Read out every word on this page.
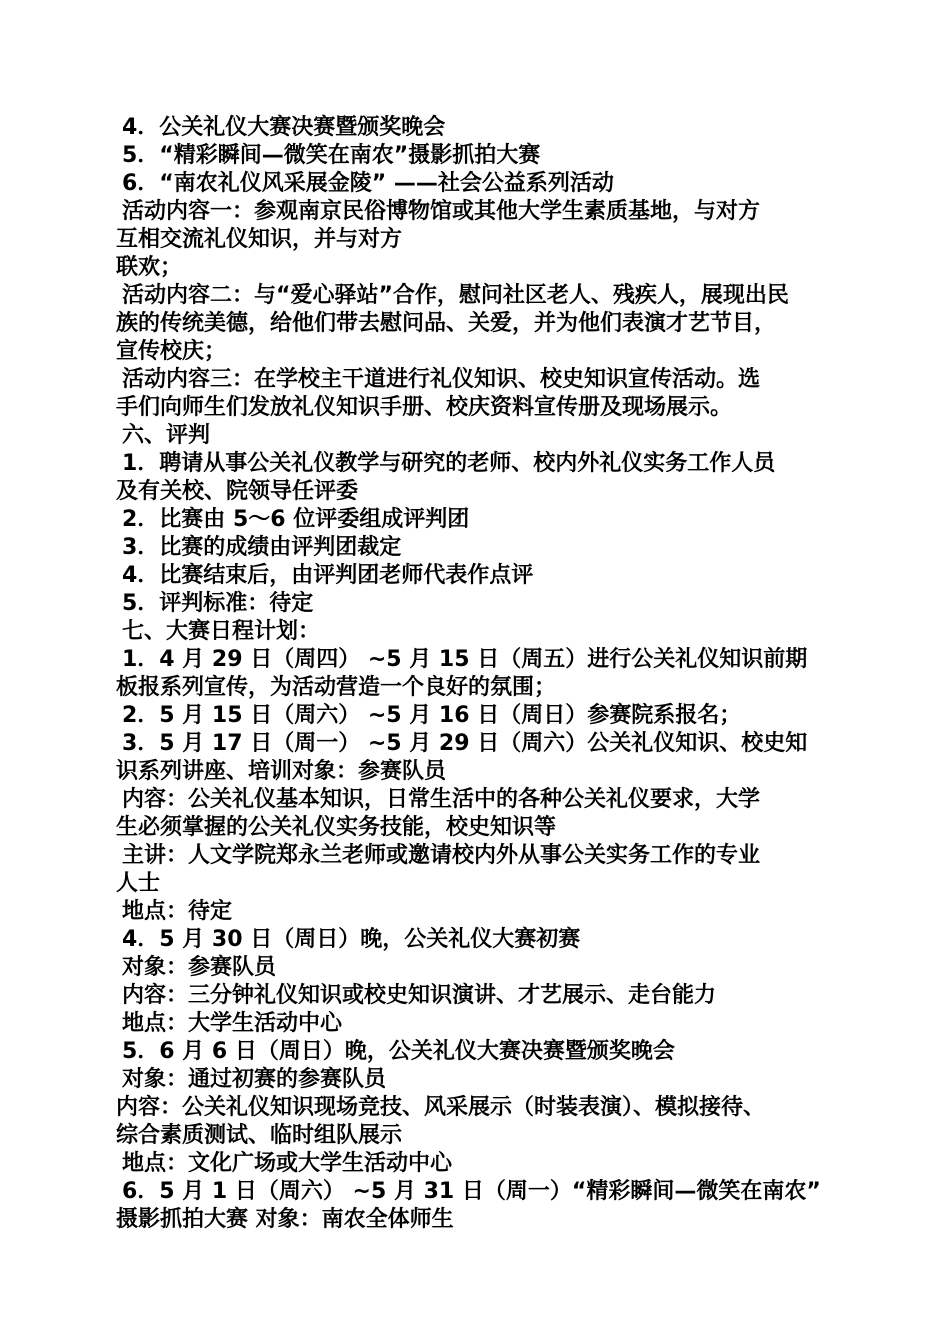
4．公关礼仪大赛决赛暨颁奖晚会
5．“精彩瞬间—微笑在南农”摄影抓拍大赛
6．“南农礼仪风采展金陵” ——社会公益系列活动
活动内容一：参观南京民俗博物馆或其他大学生素质基地，与对方
互相交流礼仪知识，并与对方
联欢；
活动内容二：与“爱心驿站”合作，慰问社区老人、残疾人，展现出民
族的传统美德，给他们带去慰问品、关爱，并为他们表演才艺节目，
宣传校庆；
活动内容三：在学校主干道进行礼仪知识、校史知识宣传活动。选
手们向师生们发放礼仪知识手册、校庆资料宣传册及现场展示。
六、评判
1．聘请从事公关礼仪教学与研究的老师、校内外礼仪实务工作人员
及有关校、院领导任评委
2．比赛由 5～6 位评委组成评判团
3．比赛的成绩由评判团裁定
4．比赛结束后，由评判团老师代表作点评
5．评判标准：待定
七、大赛日程计划：
1．4 月 29 日（周四） ~5 月 15 日（周五）进行公关礼仪知识前期
板报系列宣传，为活动营造一个良好的氛围；
2．5 月 15 日（周六） ~5 月 16 日（周日）参赛院系报名；
3．5 月 17 日（周一） ~5 月 29 日（周六）公关礼仪知识、校史知
识系列讲座、培训对象：参赛队员
内容：公关礼仪基本知识，日常生活中的各种公关礼仪要求，大学
生必须掌握的公关礼仪实务技能，校史知识等
主讲：人文学院郑永兰老师或邀请校内外从事公关实务工作的专业
人士
地点：待定
4．5 月 30 日（周日）晚，公关礼仪大赛初赛
对象：参赛队员
内容：三分钟礼仪知识或校史知识演讲、才艺展示、走台能力
地点：大学生活动中心
5．6 月 6 日（周日）晚，公关礼仪大赛决赛暨颁奖晚会
对象：通过初赛的参赛队员
内容：公关礼仪知识现场竞技、风采展示（时装表演）、模拟接待、
综合素质测试、临时组队展示
地点：文化广场或大学生活动中心
6．5 月 1 日（周六） ~5 月 31 日（周一）“精彩瞬间—微笑在南农”
摄影抓拍大赛 对象：南农全体师生
